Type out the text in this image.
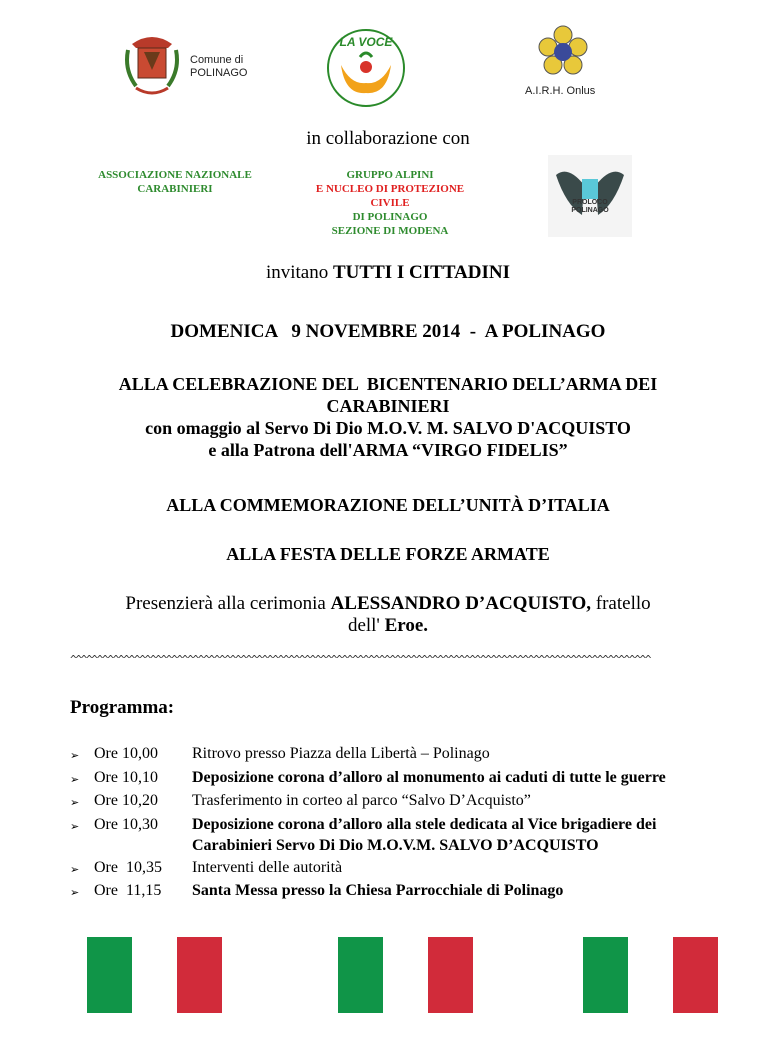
Comune di
POLINAGO
LA VOCE
A.I.R.H. Onlus
in collaborazione con
ASSOCIAZIONE NAZIONALE
CARABINIERI
GRUPPO ALPINI
E NUCLEO DI PROTEZIONE
CIVILE
DI POLINAGO
SEZIONE DI MODENA
PROLOCO POLINAGO
invitano TUTTI I CITTADINI
DOMENICA   9 NOVEMBRE 2014  -  A POLINAGO
ALLA CELEBRAZIONE DEL  BICENTENARIO DELL’ARMA DEI
CARABINIERI
con omaggio al Servo Di Dio M.O.V. M. SALVO D'ACQUISTO
e alla Patrona dell'ARMA “VIRGO FIDELIS”
ALLA COMMEMORAZIONE DELL’UNITÀ D’ITALIA
ALLA FESTA DELLE FORZE ARMATE
Presenzierà alla cerimonia ALESSANDRO D’ACQUISTO, fratello
dell' Eroe.
^^^^^^^^^^^^^^^^^^^^^^^^^^^^^^^^^^^^^^^^^^^^^^^^^^^^^^^^^^^^^^^^^^^^^^^^^^^^^^^^^^^^^^^^^^^^^^^^^^^^^^^^^^^^^
Programma:
➢ Ore 10,00	Ritrovo presso Piazza della Libertà – Polinago
➢ Ore 10,10	Deposizione corona d’alloro al monumento ai caduti di tutte le guerre
➢ Ore 10,20	Trasferimento in corteo al parco “Salvo D’Acquisto”
➢ Ore 10,30	Deposizione corona d’alloro alla stele dedicata al Vice brigadiere dei Carabinieri Servo Di Dio M.O.V.M. SALVO D’ACQUISTO
➢ Ore  10,35	Interventi delle autorità
➢ Ore  11,15	Santa Messa presso la Chiesa Parrocchiale di Polinago
